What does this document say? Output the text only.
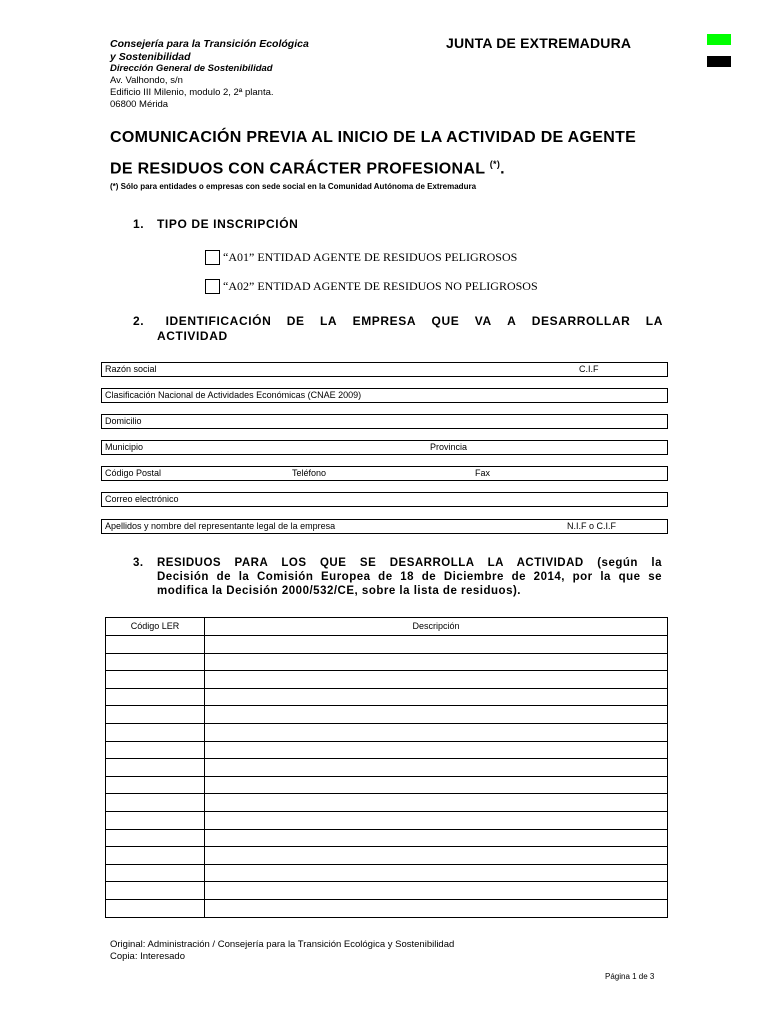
Consejería para la Transición Ecológica
y Sostenibilidad
Dirección General de Sostenibilidad
Av. Valhondo, s/n
Edificio III Milenio, modulo 2, 2ª planta.
06800 Mérida
JUNTA DE EXTREMADURA
COMUNICACIÓN PREVIA AL INICIO DE LA ACTIVIDAD DE AGENTE
DE RESIDUOS CON CARÁCTER PROFESIONAL (*).
(*) Sólo para entidades o empresas con sede social en la Comunidad Autónoma de Extremadura
1. TIPO DE INSCRIPCIÓN
“A01” ENTIDAD AGENTE DE RESIDUOS PELIGROSOS
“A02” ENTIDAD AGENTE DE RESIDUOS NO PELIGROSOS
2. IDENTIFICACIÓN DE LA EMPRESA QUE VA A DESARROLLAR LA
ACTIVIDAD
Razón social	C.I.F
Clasificación Nacional de Actividades Económicas (CNAE 2009)
Domicilio
Municipio	Provincia
Código Postal	Teléfono	Fax
Correo electrónico
Apellidos y nombre del representante legal de la empresa	N.I.F o C.I.F
3.	RESIDUOS PARA LOS QUE SE DESARROLLA LA ACTIVIDAD (según la
Decisión de la Comisión Europea de 18 de Diciembre de 2014, por la que se
modifica la Decisión 2000/532/CE, sobre la lista de residuos).
Código LER	Descripción

Original: Administración / Consejería para la Transición Ecológica y Sostenibilidad
Copia: Interesado
Página 1 de 3
